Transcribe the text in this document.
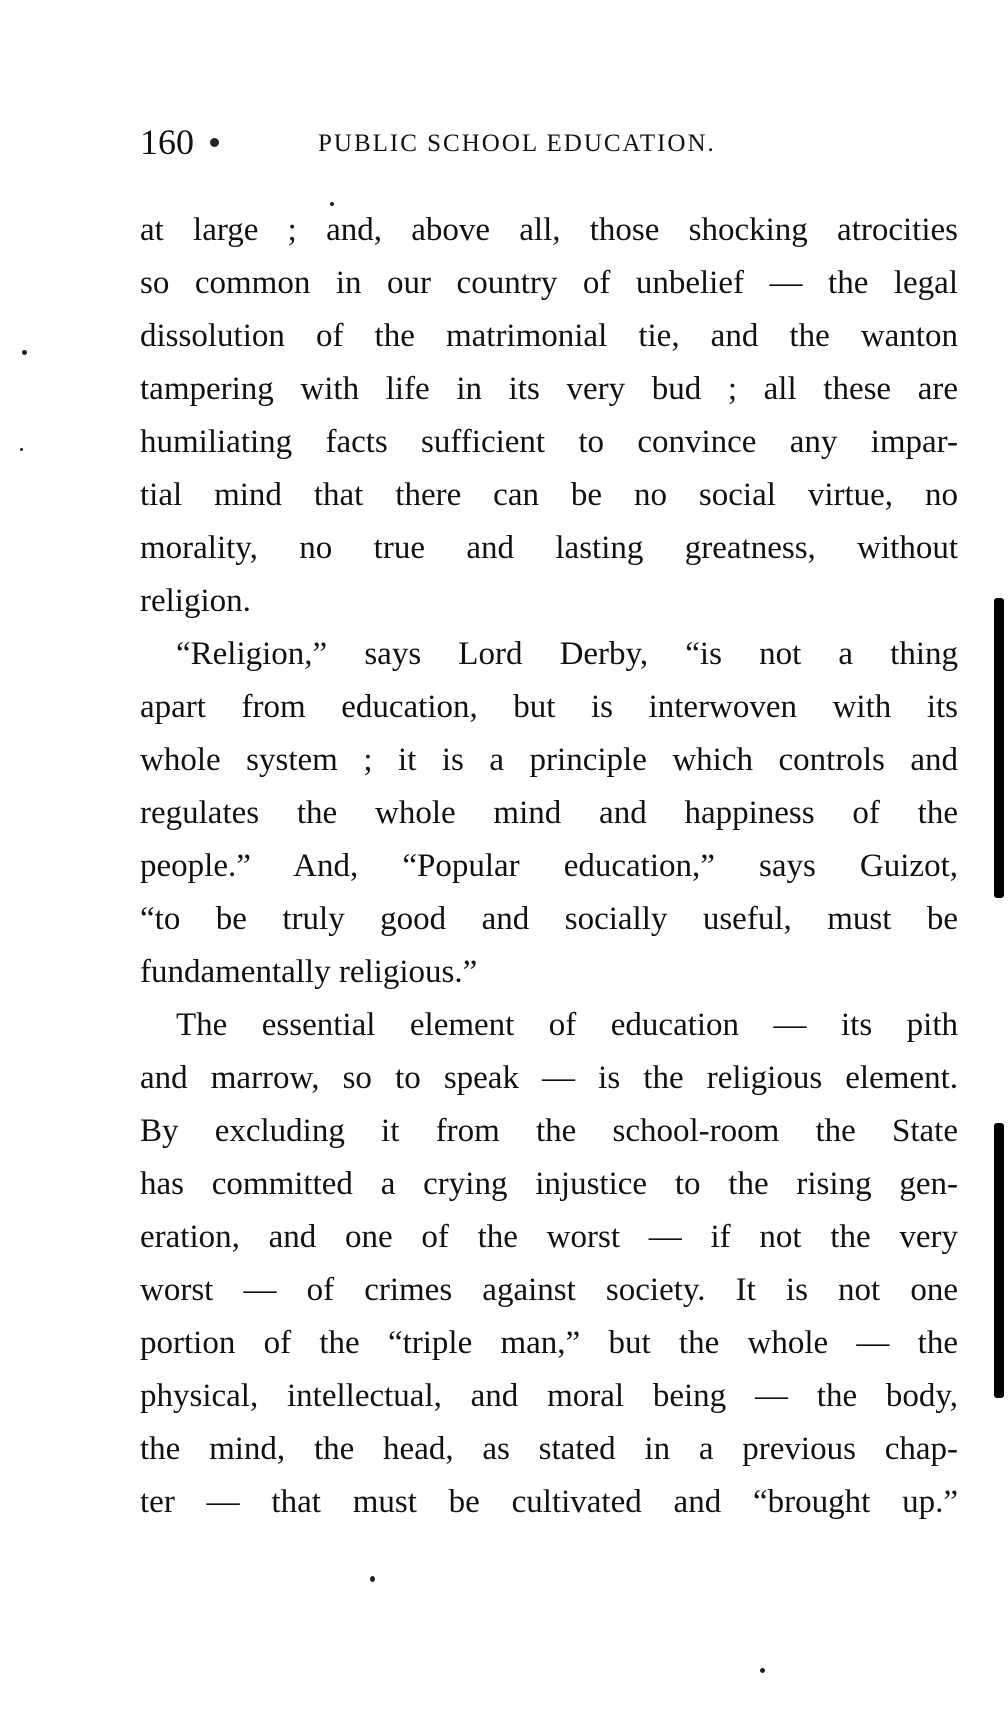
160	PUBLIC SCHOOL EDUCATION.
at large ; and, above all, those shocking atrocities
so common in our country of unbelief — the legal
dissolution of the matrimonial tie, and the wanton
tampering with life in its very bud ; all these are
humiliating facts sufficient to convince any impar-
tial mind that there can be no social virtue, no
morality, no true and lasting greatness, without
religion.
“Religion,” says Lord Derby, “is not a thing
apart from education, but is interwoven with its
whole system ; it is a principle which controls and
regulates the whole mind and happiness of the
people.” And, “Popular education,” says Guizot,
“to be truly good and socially useful, must be
fundamentally religious.”
The essential element of education — its pith
and marrow, so to speak — is the religious element.
By excluding it from the school-room the State
has committed a crying injustice to the rising gen-
eration, and one of the worst — if not the very
worst — of crimes against society. It is not one
portion of the “triple man,” but the whole — the
physical, intellectual, and moral being — the body,
the mind, the head, as stated in a previous chap-
ter — that must be cultivated and “brought up.”
